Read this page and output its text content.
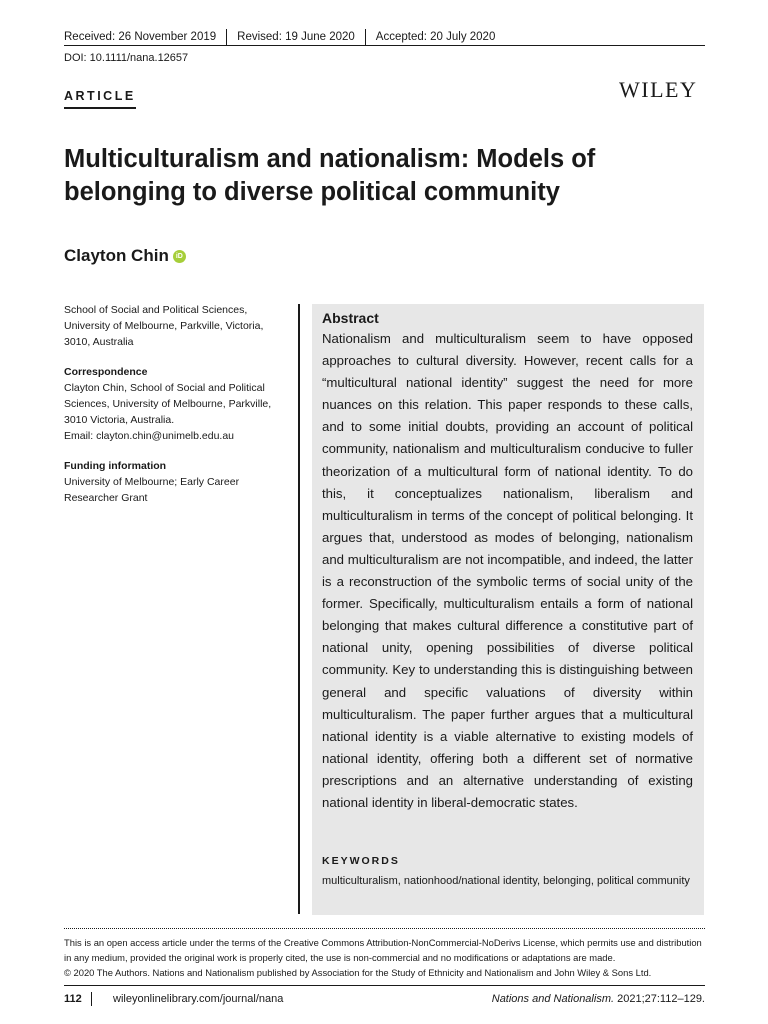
Received: 26 November 2019	Revised: 19 June 2020	Accepted: 20 July 2020
DOI: 10.1111/nana.12657
ARTICLE	WILEY
Multiculturalism and nationalism: Models of belonging to diverse political community
Clayton Chin	iD
School of Social and Political Sciences, University of Melbourne, Parkville, Victoria, 3010, Australia
Correspondence
Clayton Chin, School of Social and Political Sciences, University of Melbourne, Parkville, 3010 Victoria, Australia.
Email: clayton.chin@unimelb.edu.au
Funding information
University of Melbourne; Early Career Researcher Grant
Abstract

Nationalism and multiculturalism seem to have opposed approaches to cultural diversity. However, recent calls for a “multicultural national identity” suggest the need for more nuances on this relation. This paper responds to these calls, and to some initial doubts, providing an account of political community, nationalism and multiculturalism conducive to fuller theorization of a multicultural form of national identity. To do this, it conceptualizes nationalism, liberalism and multiculturalism in terms of the concept of political belonging. It argues that, understood as modes of belonging, nationalism and multiculturalism are not incompatible, and indeed, the latter is a reconstruction of the symbolic terms of social unity of the former. Specifically, multiculturalism entails a form of national belonging that makes cultural difference a constitutive part of national unity, opening possibilities of diverse political community. Key to understanding this is distinguishing between general and specific valuations of diversity within multiculturalism. The paper further argues that a multicultural national identity is a viable alternative to existing models of national identity, offering both a different set of normative prescriptions and an alternative understanding of existing national identity in liberal-democratic states.

KEYWORDS
multiculturalism, nationhood/national identity, belonging, political community
This is an open access article under the terms of the Creative Commons Attribution-NonCommercial-NoDerivs License, which permits use and distribution in any medium, provided the original work is properly cited, the use is non-commercial and no modifications or adaptations are made.
© 2020 The Authors. Nations and Nationalism published by Association for the Study of Ethnicity and Nationalism and John Wiley & Sons Ltd.
112	wileyonlinelibrary.com/journal/nana	Nations and Nationalism. 2021;27:112–129.
